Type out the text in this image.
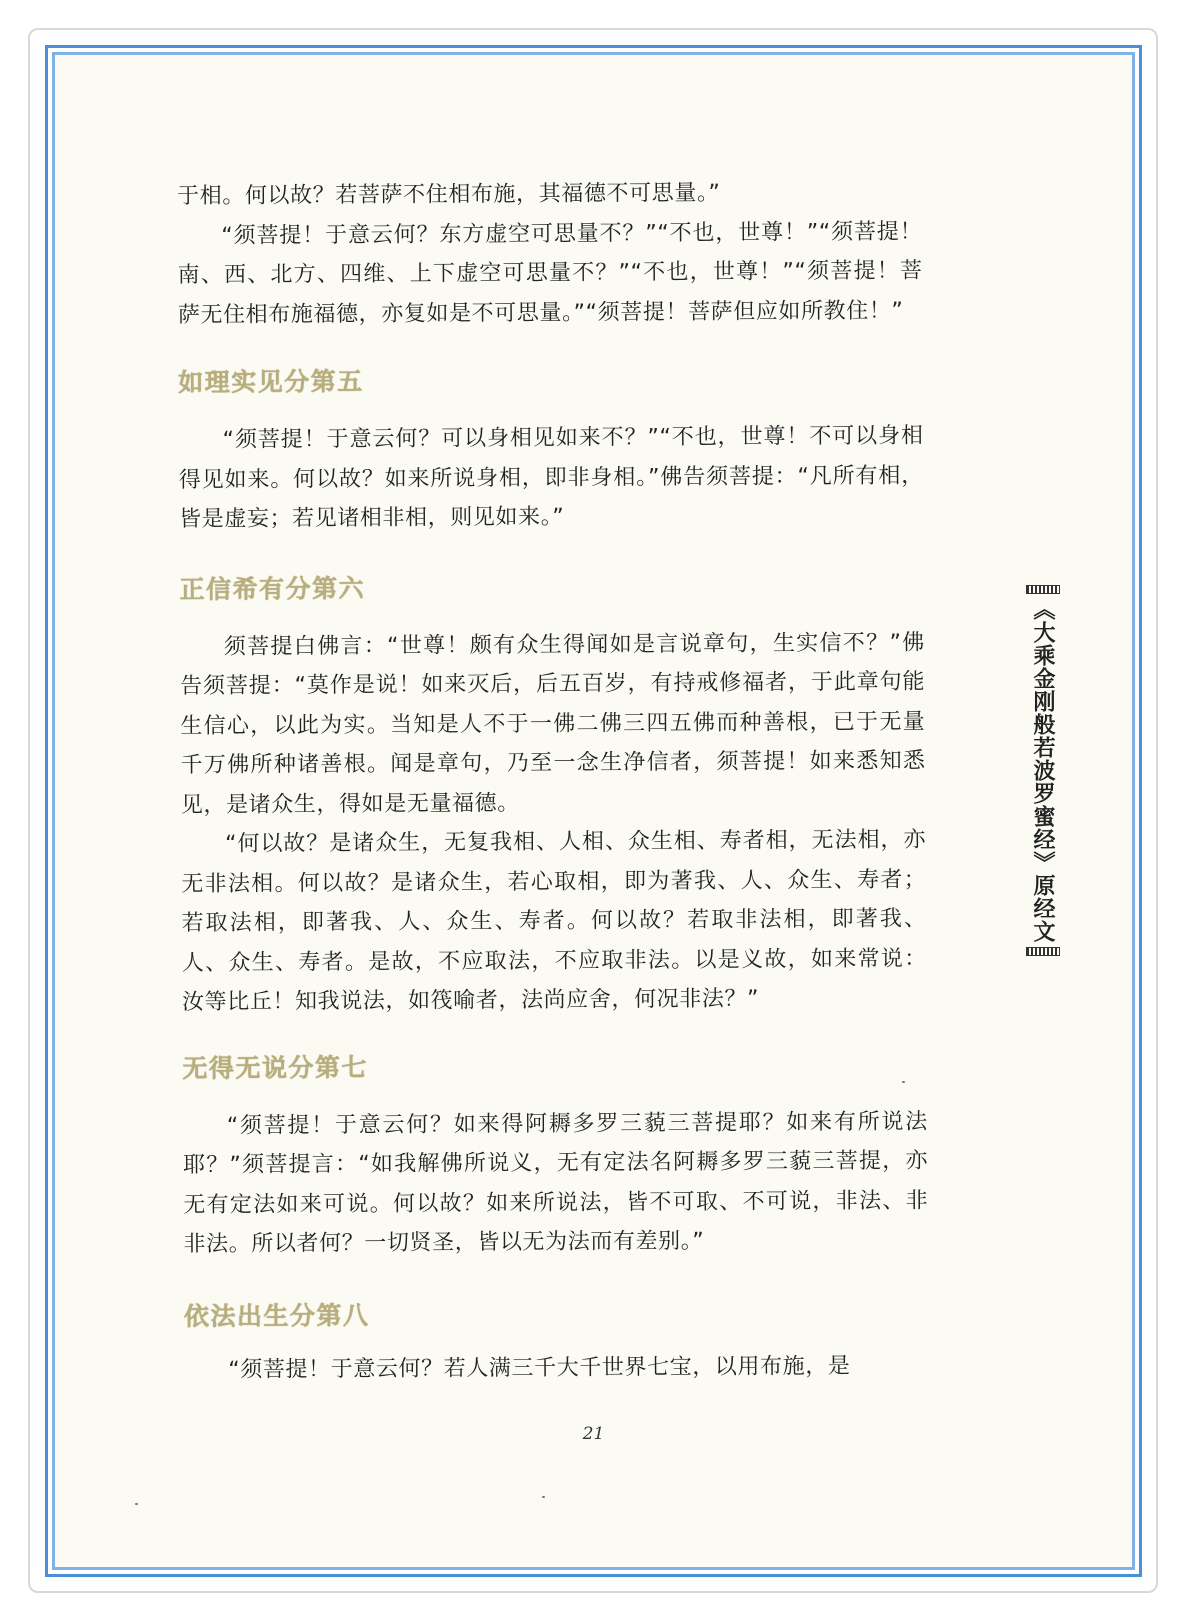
于相。何以故？若菩萨不住相布施，其福德不可思量。”

“须菩提！于意云何？东方虚空可思量不？”“不也，世尊！”“须菩提！南、西、北方、四维、上下虚空可思量不？”“不也，世尊！”“须菩提！菩萨无住相布施福德，亦复如是不可思量。”“须菩提！菩萨但应如所教住！”

如理实见分第五

“须菩提！于意云何？可以身相见如来不？”“不也，世尊！不可以身相得见如来。何以故？如来所说身相，即非身相。”佛告须菩提：“凡所有相，皆是虚妄；若见诸相非相，则见如来。”

正信希有分第六

须菩提白佛言：“世尊！颇有众生得闻如是言说章句，生实信不？”佛告须菩提：“莫作是说！如来灭后，后五百岁，有持戒修福者，于此章句能生信心，以此为实。当知是人不于一佛二佛三四五佛而种善根，已于无量千万佛所种诸善根。闻是章句，乃至一念生净信者，须菩提！如来悉知悉见，是诸众生，得如是无量福德。

“何以故？是诸众生，无复我相、人相、众生相、寿者相，无法相，亦无非法相。何以故？是诸众生，若心取相，即为著我、人、众生、寿者；若取法相，即著我、人、众生、寿者。何以故？若取非法相，即著我、人、众生、寿者。是故，不应取法，不应取非法。以是义故，如来常说：汝等比丘！知我说法，如筏喻者，法尚应舍，何况非法？”

无得无说分第七

“须菩提！于意云何？如来得阿耨多罗三藐三菩提耶？如来有所说法耶？”须菩提言：“如我解佛所说义，无有定法名阿耨多罗三藐三菩提，亦无有定法如来可说。何以故？如来所说法，皆不可取、不可说，非法、非非法。所以者何？一切贤圣，皆以无为法而有差别。”

依法出生分第八

“须菩提！于意云何？若人满三千大千世界七宝，以用布施，是

《大乘金刚般若波罗蜜经》原经文
21
